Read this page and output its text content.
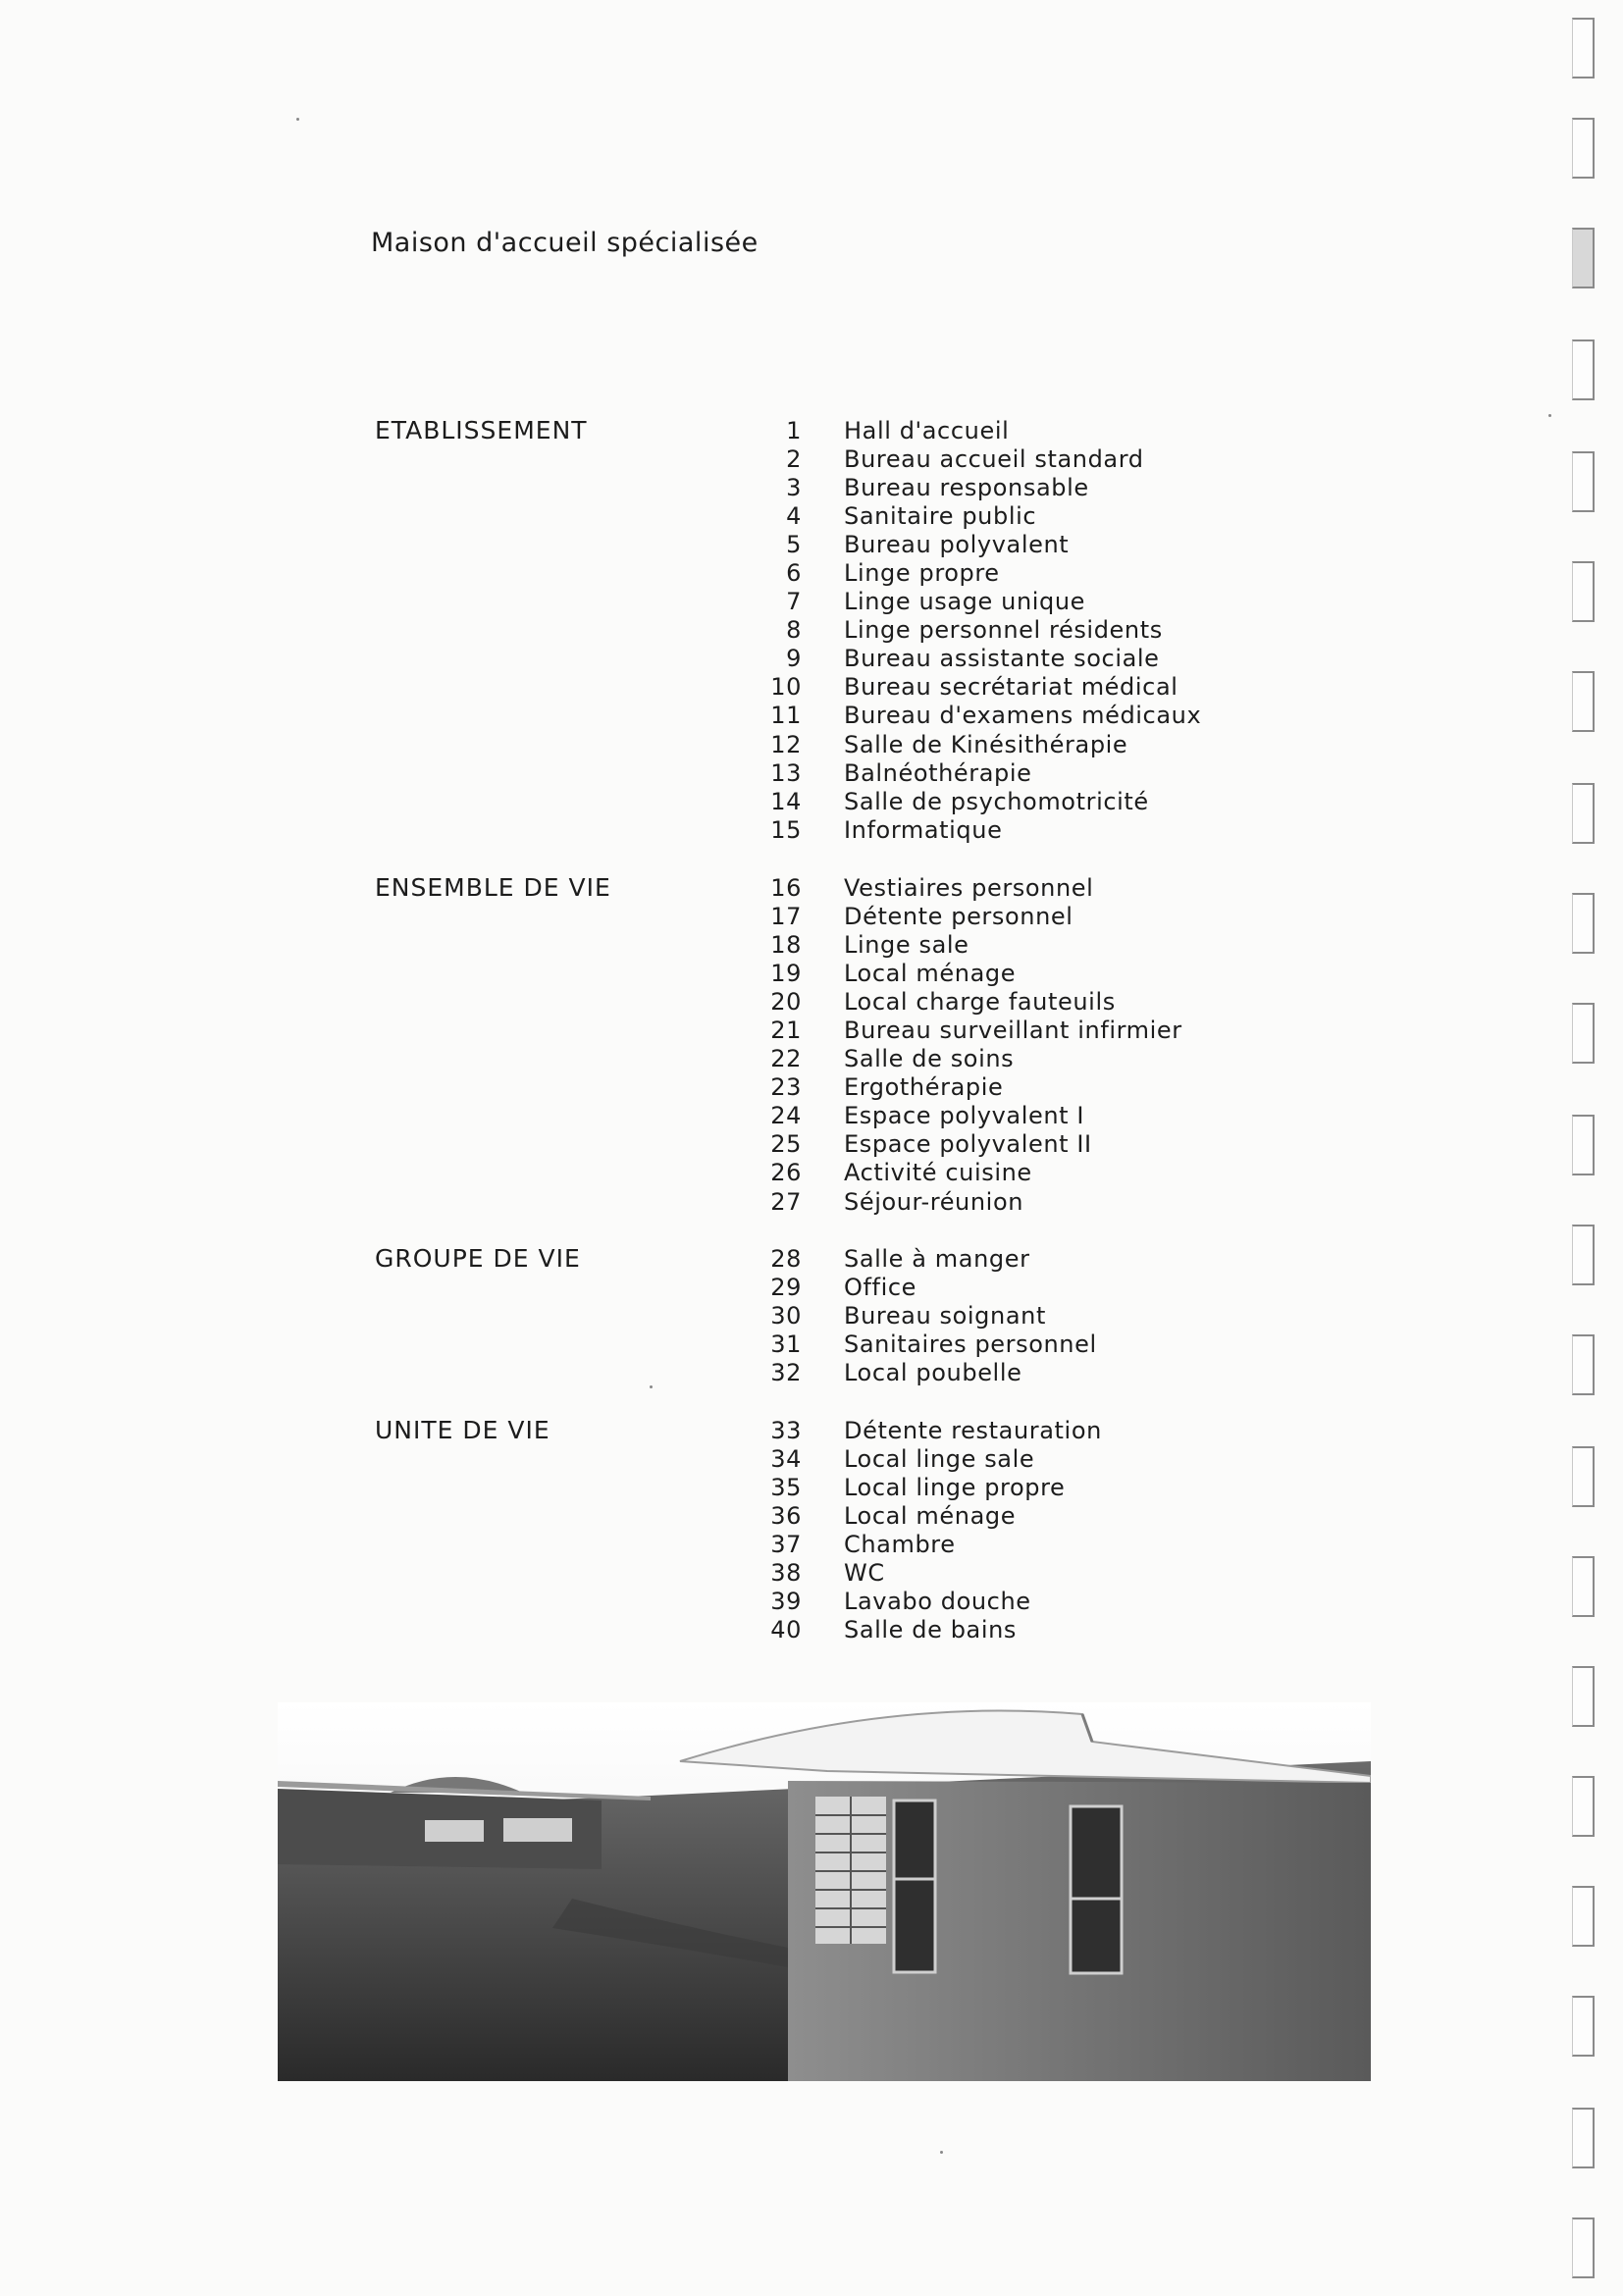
Maison d'accueil spécialisée
ETABLISSEMENT	1	Hall d'accueil
2	Bureau accueil standard
3	Bureau responsable
4	Sanitaire public
5	Bureau polyvalent
6	Linge propre
7	Linge usage unique
8	Linge personnel résidents
9	Bureau assistante sociale
10	Bureau secrétariat médical
11	Bureau d'examens médicaux
12	Salle de Kinésithérapie
13	Balnéothérapie
14	Salle de psychomotricité
15	Informatique
ENSEMBLE DE VIE	16	Vestiaires personnel
17	Détente personnel
18	Linge sale
19	Local ménage
20	Local charge fauteuils
21	Bureau surveillant infirmier
22	Salle de soins
23	Ergothérapie
24	Espace polyvalent I
25	Espace polyvalent II
26	Activité cuisine
27	Séjour-réunion
GROUPE DE VIE	28	Salle à manger
29	Office
30	Bureau soignant
31	Sanitaires personnel
32	Local poubelle
UNITE DE VIE	33	Détente restauration
34	Local linge sale
35	Local linge propre
36	Local ménage
37	Chambre
38	WC
39	Lavabo douche
40	Salle de bains
